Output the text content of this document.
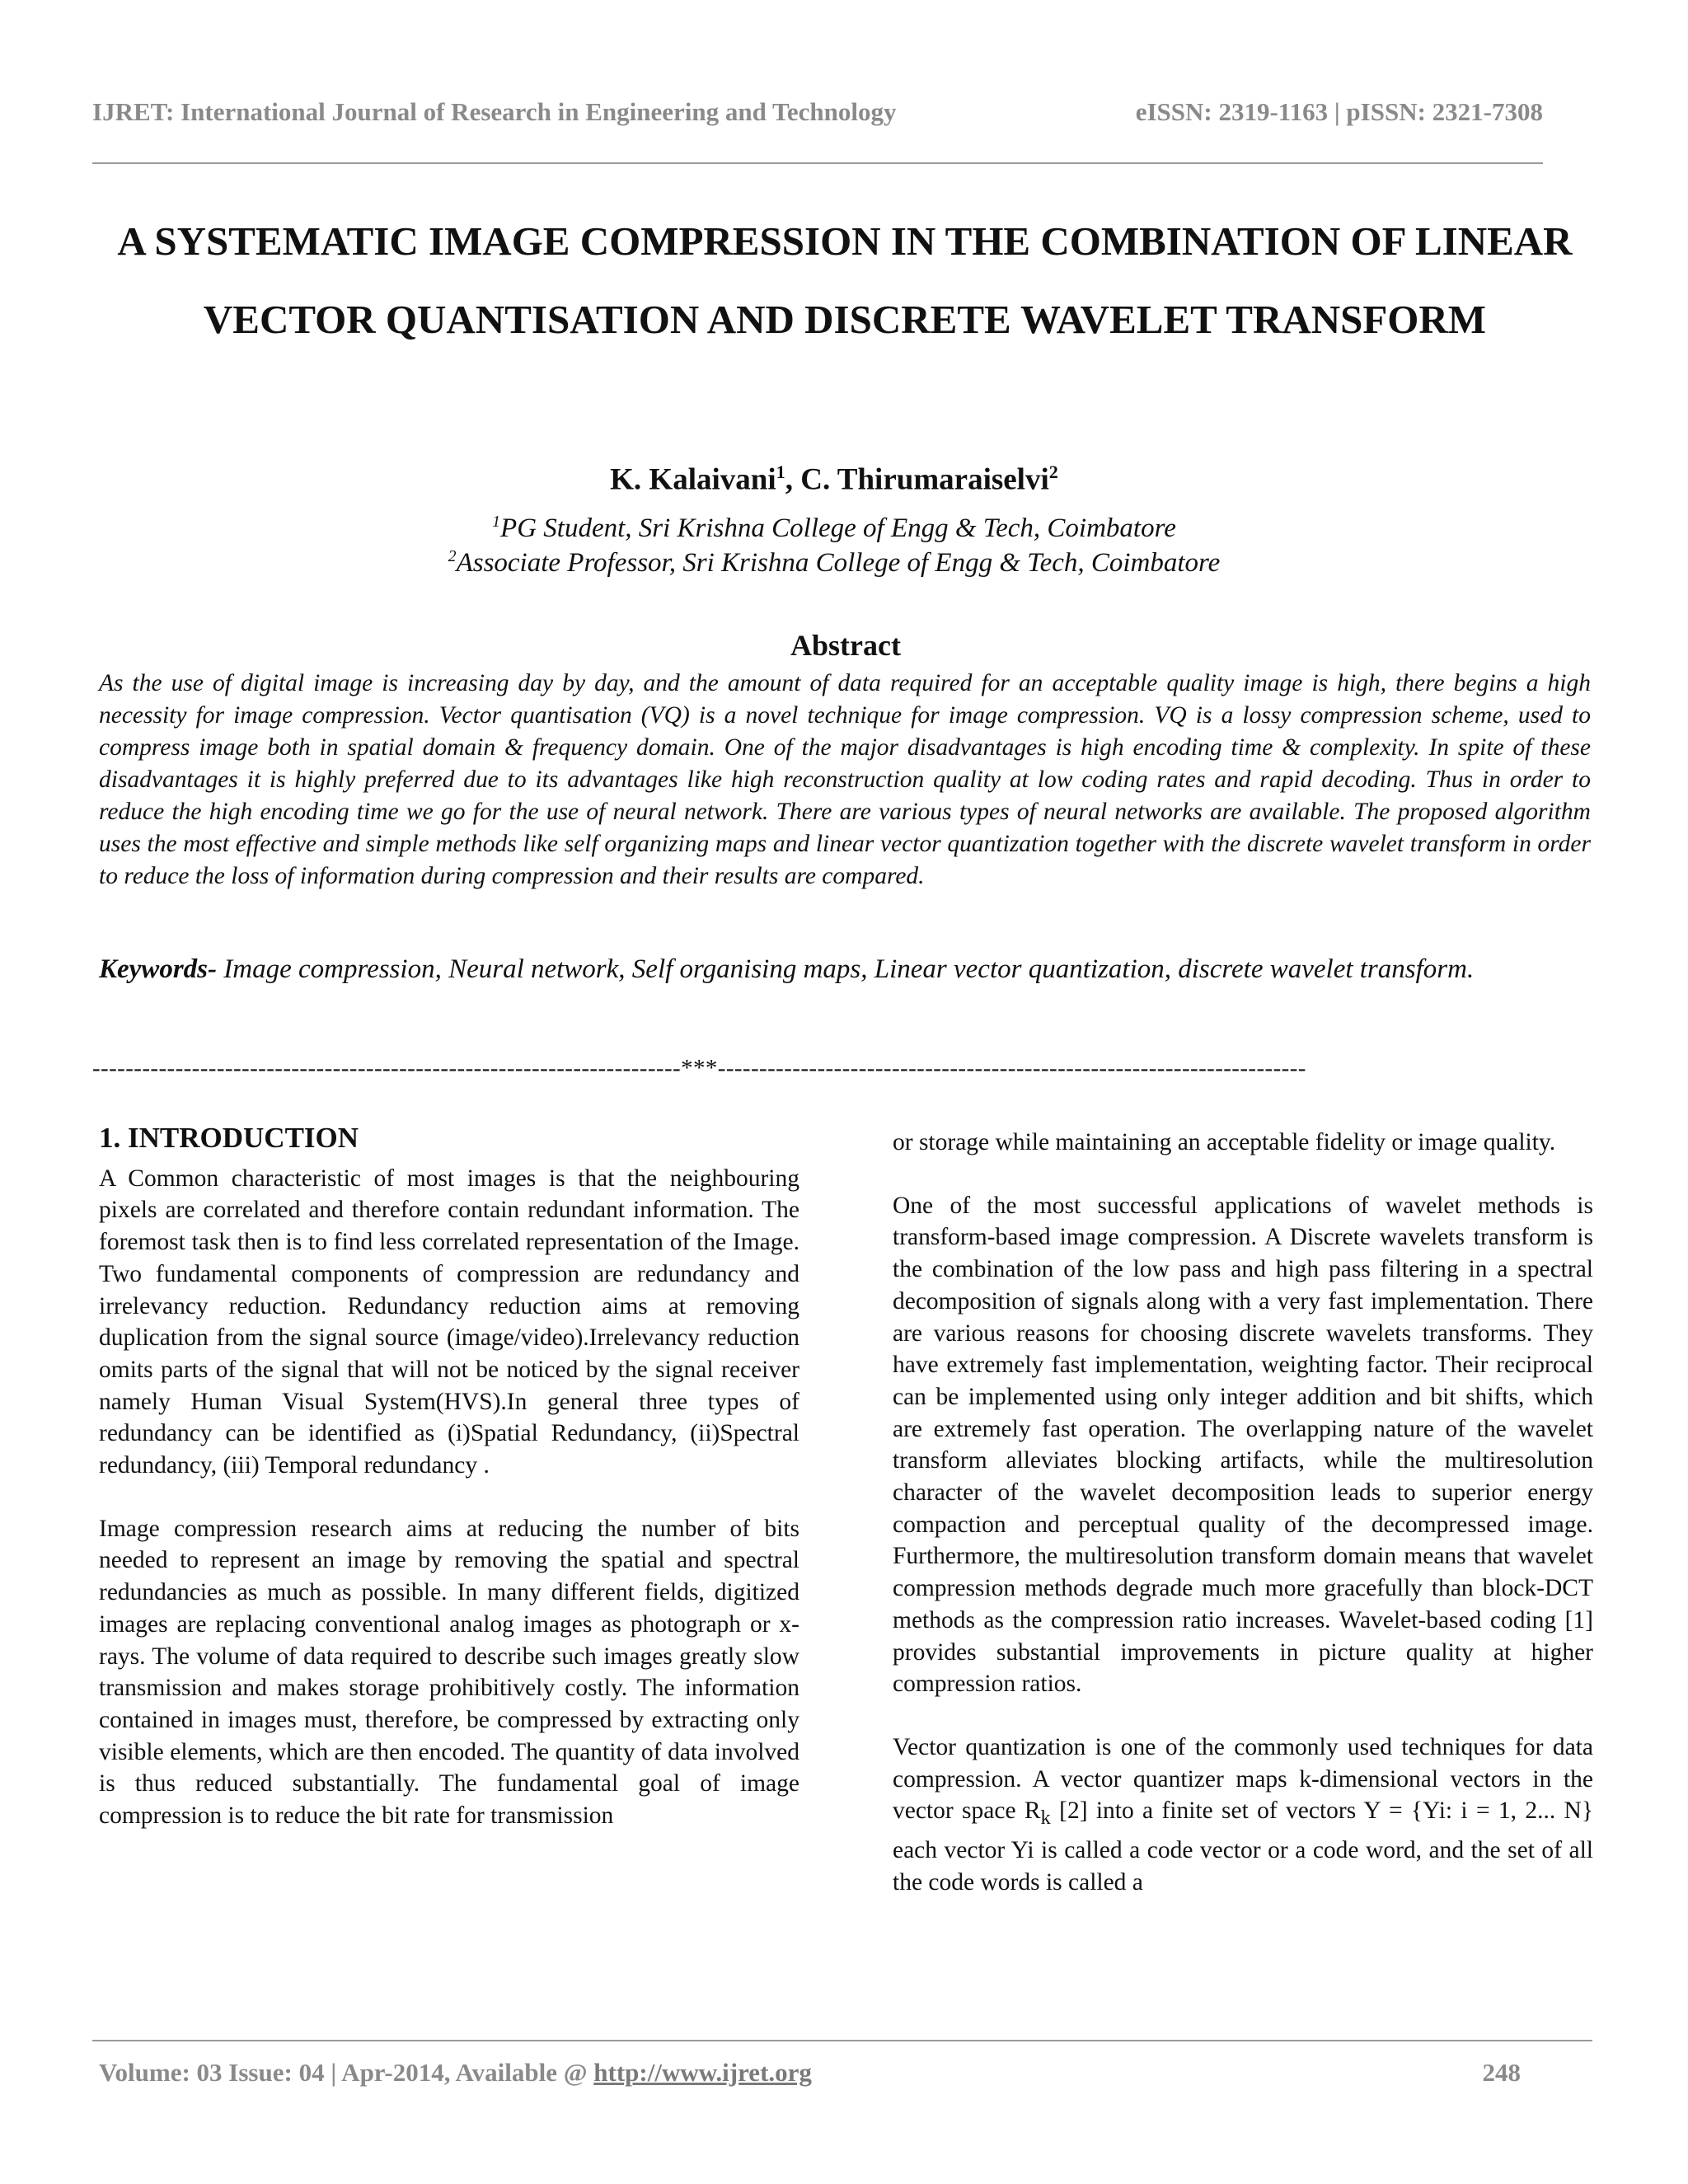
IJRET: International Journal of Research in Engineering and Technology	eISSN: 2319-1163 | pISSN: 2321-7308
A SYSTEMATIC IMAGE COMPRESSION IN THE COMBINATION OF LINEAR VECTOR QUANTISATION AND DISCRETE WAVELET TRANSFORM
K. Kalaivani$^1$, C. Thirumaraiselvi$^2$
$^1$PG Student, Sri Krishna College of Engg & Tech, Coimbatore
$^2$Associate Professor, Sri Krishna College of Engg & Tech, Coimbatore
Abstract
As the use of digital image is increasing day by day, and the amount of data required for an acceptable quality image is high, there begins a high necessity for image compression. Vector quantisation (VQ) is a novel technique for image compression. VQ is a lossy compression scheme, used to compress image both in spatial domain & frequency domain. One of the major disadvantages is high encoding time & complexity. In spite of these disadvantages it is highly preferred due to its advantages like high reconstruction quality at low coding rates and rapid decoding. Thus in order to reduce the high encoding time we go for the use of neural network. There are various types of neural networks are available. The proposed algorithm uses the most effective and simple methods like self organizing maps and linear vector quantization together with the discrete wavelet transform in order to reduce the loss of information during compression and their results are compared.
Keywords- Image compression, Neural network, Self organising maps, Linear vector quantization, discrete wavelet transform.
-----------------------------------------------------------------------***-----------------------------------------------------------------------
1. INTRODUCTION

A Common characteristic of most images is that the neighbouring pixels are correlated and therefore contain redundant information. The foremost task then is to find less correlated representation of the Image. Two fundamental components of compression are redundancy and irrelevancy reduction. Redundancy reduction aims at removing duplication from the signal source (image/video).Irrelevancy reduction omits parts of the signal that will not be noticed by the signal receiver namely Human Visual System(HVS).In general three types of redundancy can be identified as (i)Spatial Redundancy, (ii)Spectral redundancy, (iii) Temporal redundancy .

Image compression research aims at reducing the number of bits needed to represent an image by removing the spatial and spectral redundancies as much as possible. In many different fields, digitized images are replacing conventional analog images as photograph or x-rays. The volume of data required to describe such images greatly slow transmission and makes storage prohibitively costly. The information contained in images must, therefore, be compressed by extracting only visible elements, which are then encoded. The quantity of data involved is thus reduced substantially. The fundamental goal of image compression is to reduce the bit rate for transmission

or storage while maintaining an acceptable fidelity or image quality.

One of the most successful applications of wavelet methods is transform-based image compression. A Discrete wavelets transform is the combination of the low pass and high pass filtering in a spectral decomposition of signals along with a very fast implementation. There are various reasons for choosing discrete wavelets transforms. They have extremely fast implementation, weighting factor. Their reciprocal can be implemented using only integer addition and bit shifts, which are extremely fast operation. The overlapping nature of the wavelet transform alleviates blocking artifacts, while the multiresolution character of the wavelet decomposition leads to superior energy compaction and perceptual quality of the decompressed image. Furthermore, the multiresolution transform domain means that wavelet compression methods degrade much more gracefully than block-DCT methods as the compression ratio increases. Wavelet-based coding [1] provides substantial improvements in picture quality at higher compression ratios.

Vector quantization is one of the commonly used techniques for data compression. A vector quantizer maps k-dimensional vectors in the vector space $R_k$ [2] into a finite set of vectors Y = {Yi: i = 1, 2... N} each vector Yi is called a code vector or a code word, and the set of all the code words is called a

Volume: 03 Issue: 04 | Apr-2014, Available @ http://www.ijret.org	248
